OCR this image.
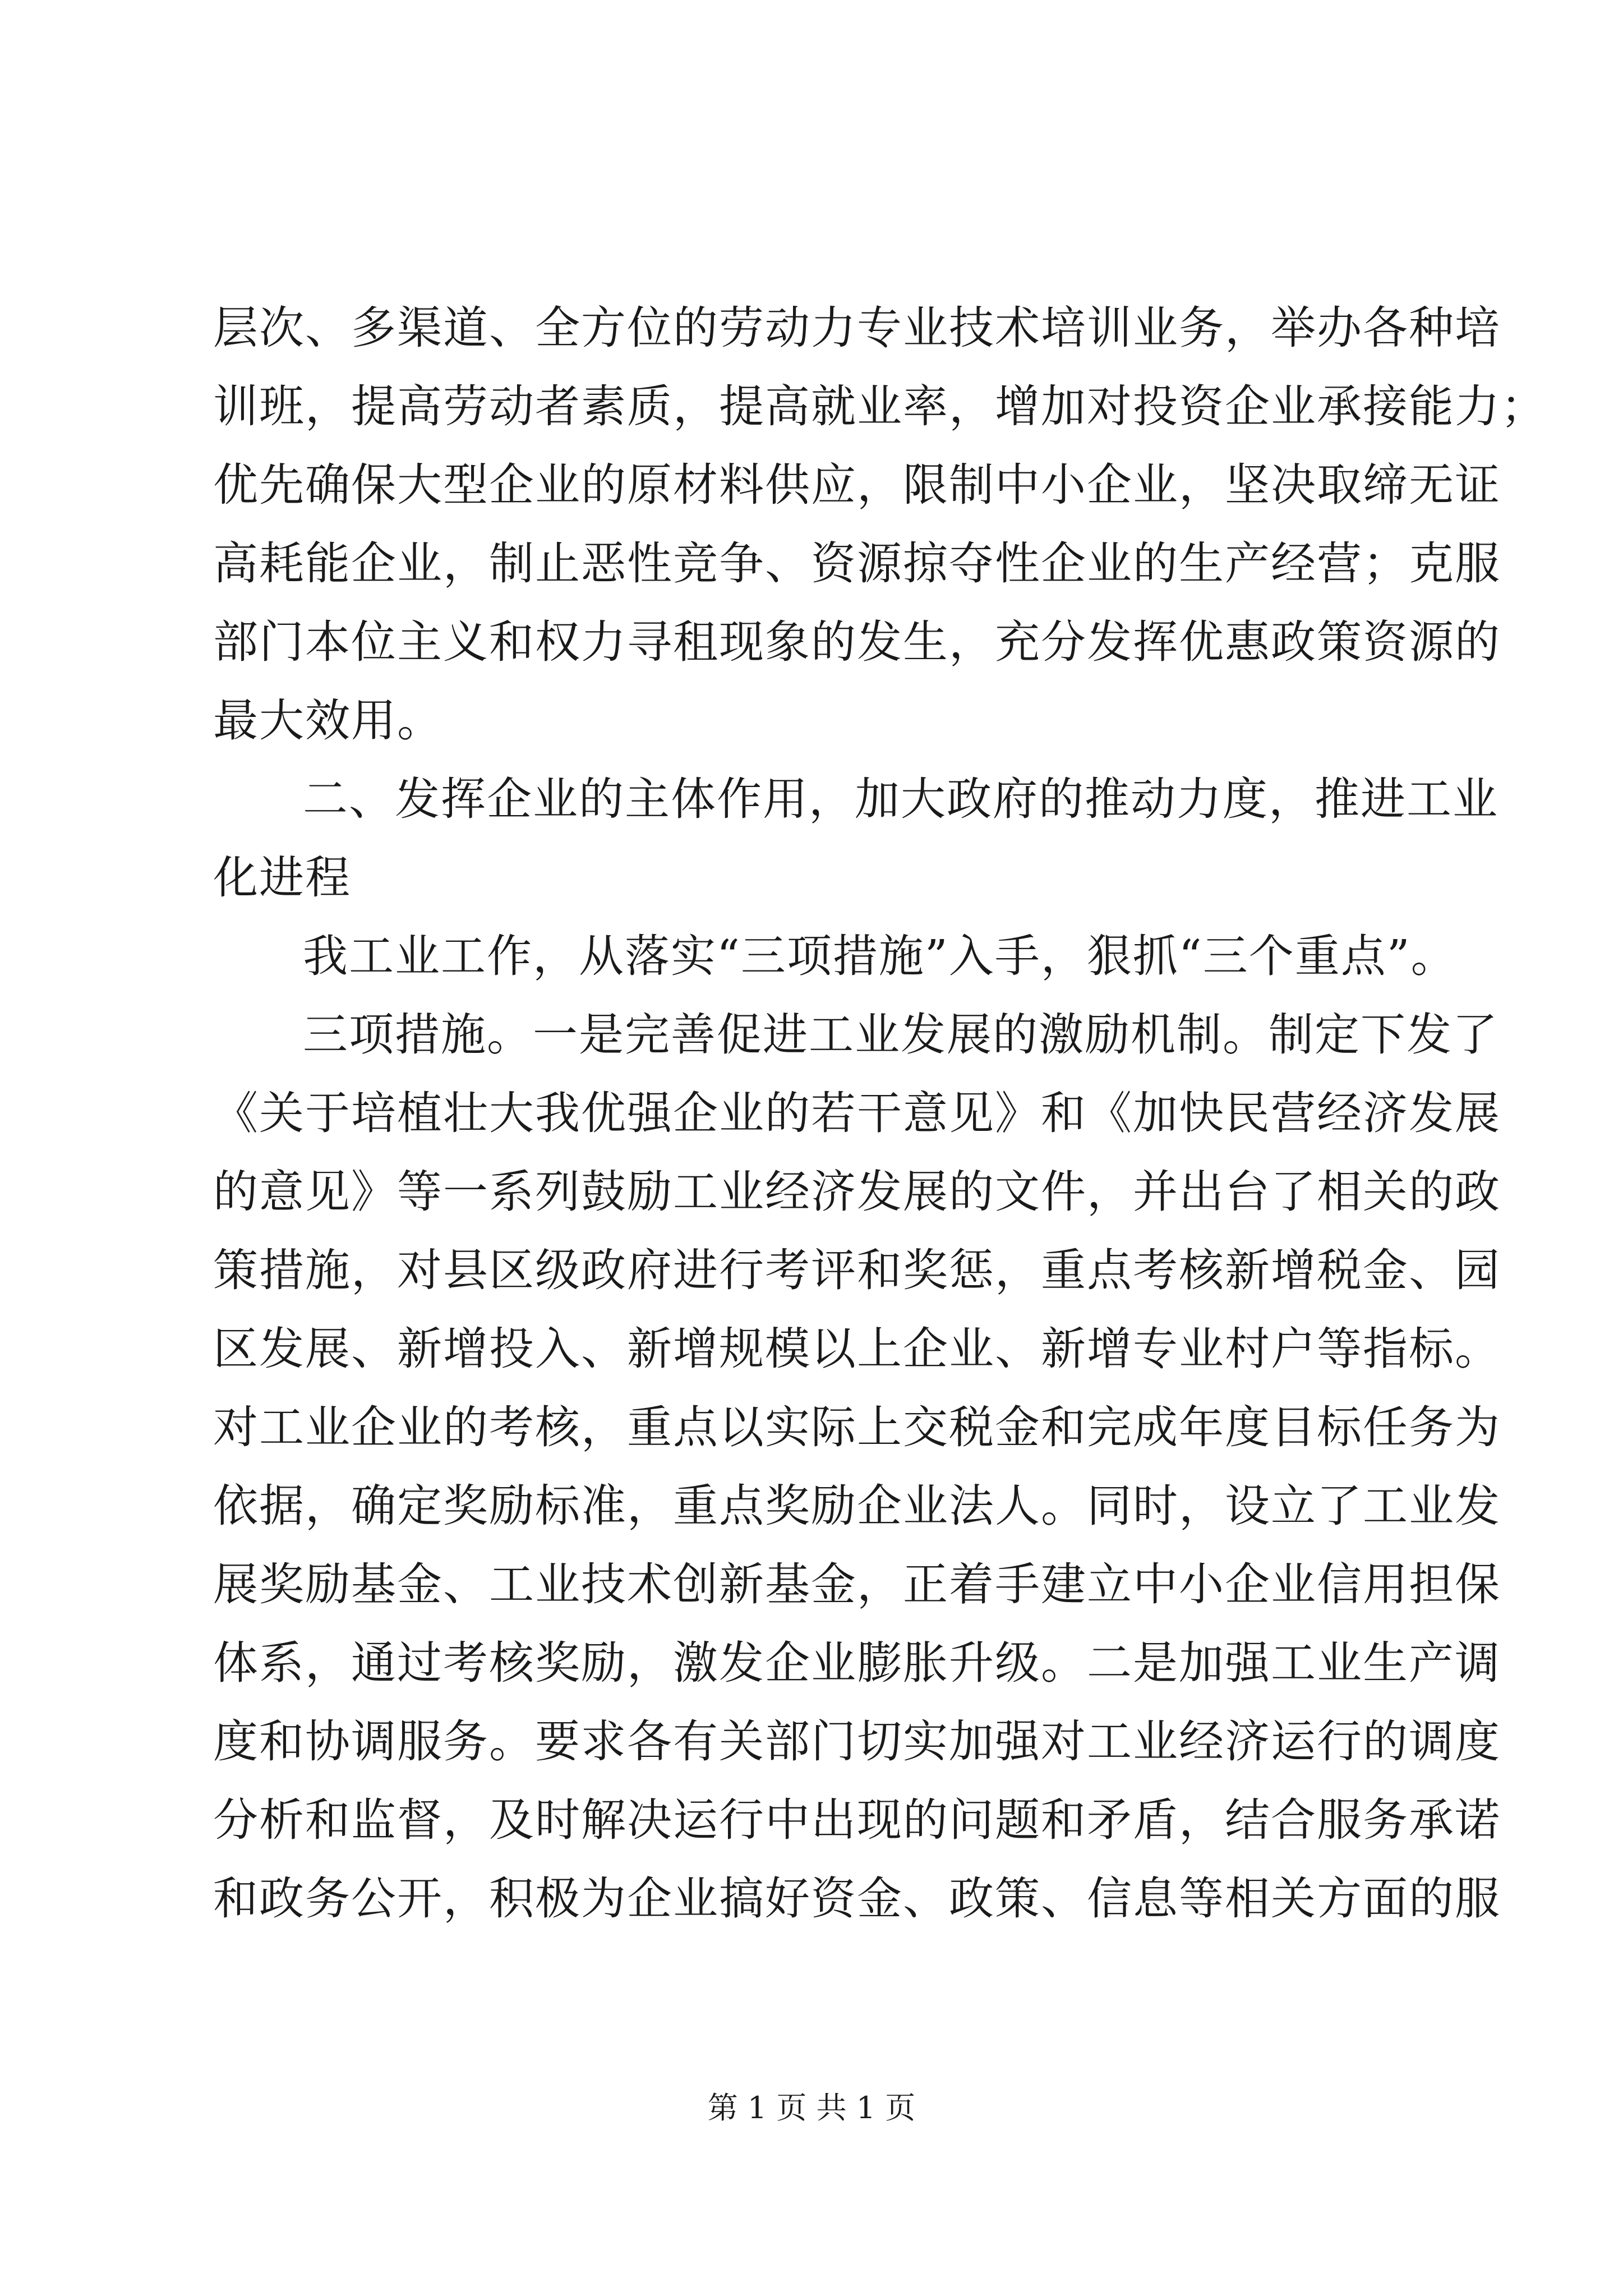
层次、多渠道、全方位的劳动力专业技术培训业务，举办各种培
训班，提高劳动者素质，提高就业率，增加对投资企业承接能力；
优先确保大型企业的原材料供应，限制中小企业，坚决取缔无证
高耗能企业，制止恶性竞争、资源掠夺性企业的生产经营；克服
部门本位主义和权力寻租现象的发生，充分发挥优惠政策资源的
最大效用。
二、发挥企业的主体作用，加大政府的推动力度，推进工业
化进程
我工业工作，从落实“三项措施”入手，狠抓“三个重点”。
三项措施。一是完善促进工业发展的激励机制。制定下发了
《关于培植壮大我优强企业的若干意见》和《加快民营经济发展
的意见》等一系列鼓励工业经济发展的文件，并出台了相关的政
策措施，对县区级政府进行考评和奖惩，重点考核新增税金、园
区发展、新增投入、新增规模以上企业、新增专业村户等指标。
对工业企业的考核，重点以实际上交税金和完成年度目标任务为
依据，确定奖励标准，重点奖励企业法人。同时，设立了工业发
展奖励基金、工业技术创新基金，正着手建立中小企业信用担保
体系，通过考核奖励，激发企业膨胀升级。二是加强工业生产调
度和协调服务。要求各有关部门切实加强对工业经济运行的调度
分析和监督，及时解决运行中出现的问题和矛盾，结合服务承诺
和政务公开，积极为企业搞好资金、政策、信息等相关方面的服
第 1 页 共 1 页
